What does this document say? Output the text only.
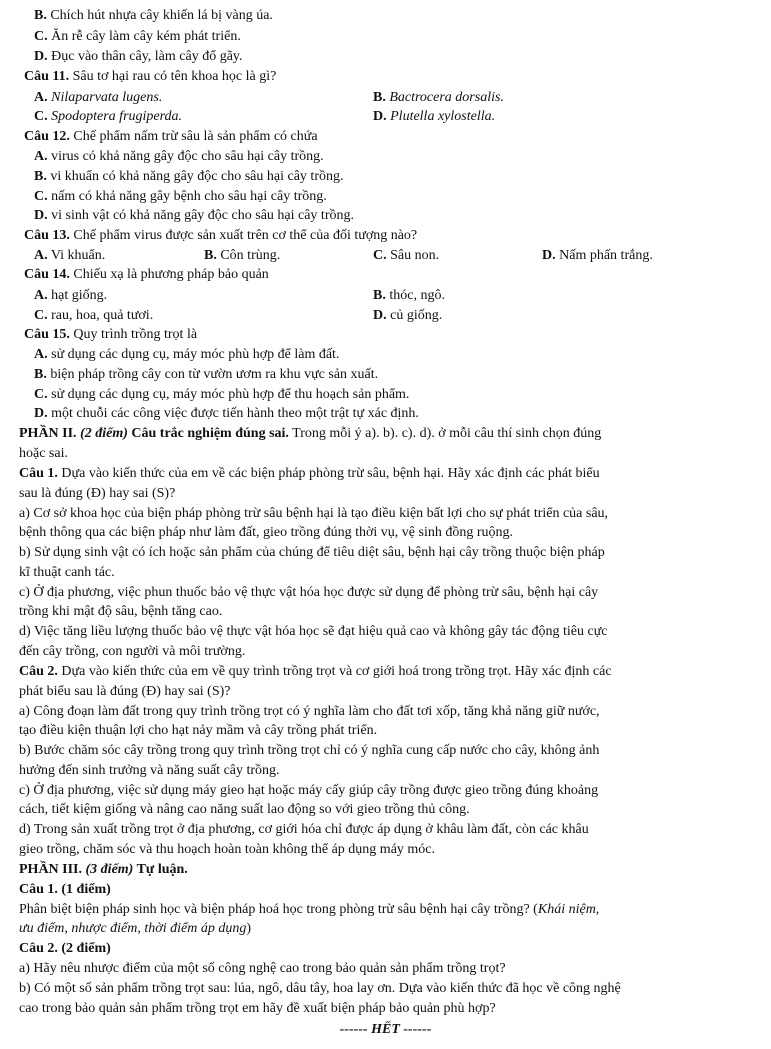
B. Chích hút nhựa cây khiến lá bị vàng úa.
C. Ăn rễ cây làm cây kém phát triển.
D. Đục vào thân cây, làm cây đổ gãy.
Câu 11. Sâu tơ hại rau có tên khoa học là gì?
A. Nilaparvata lugens.	B. Bactrocera dorsalis.
C. Spodoptera frugiperda.	D. Plutella xylostella.
Câu 12. Chế phẩm nấm trừ sâu là sản phẩm có chứa
A. virus có khả năng gây độc cho sâu hại cây trồng.
B. vi khuẩn có khả năng gây độc cho sâu hại cây trồng.
C. nấm có khả năng gây bệnh cho sâu hại cây trồng.
D. vi sinh vật có khả năng gây độc cho sâu hại cây trồng.
Câu 13. Chế phẩm virus được sản xuất trên cơ thể của đối tượng nào?
A. Vi khuẩn.	B. Côn trùng.	C. Sâu non.	D. Nấm phấn trắng.
Câu 14. Chiếu xạ là phương pháp bảo quản
A. hạt giống.	B. thóc, ngô.
C. rau, hoa, quả tươi.	D. củ giống.
Câu 15. Quy trình trồng trọt là
A. sử dụng các dụng cụ, máy móc phù hợp để làm đất.
B. biện pháp trồng cây con từ vườn ươm ra khu vực sản xuất.
C. sử dụng các dụng cụ, máy móc phù hợp để thu hoạch sản phẩm.
D. một chuỗi các công việc được tiến hành theo một trật tự xác định.
PHẦN II. (2 điểm) Câu trắc nghiệm đúng sai. Trong mỗi ý a). b). c). d). ở mỗi câu thí sinh chọn đúng
hoặc sai.
Câu 1. Dựa vào kiến thức của em về các biện pháp phòng trừ sâu, bệnh hại. Hãy xác định các phát biểu
sau là đúng (Đ) hay sai (S)?
a) Cơ sở khoa học của biện pháp phòng trừ sâu bệnh hại là tạo điều kiện bất lợi cho sự phát triển của sâu,
bệnh thông qua các biện pháp như làm đất, gieo trồng đúng thời vụ, vệ sinh đồng ruộng.
b) Sử dụng sinh vật có ích hoặc sản phẩm của chúng để tiêu diệt sâu, bệnh hại cây trồng thuộc biện pháp
kĩ thuật canh tác.
c) Ở địa phương, việc phun thuốc bảo vệ thực vật hóa học được sử dụng để phòng trừ sâu, bệnh hại cây
trồng khi mật độ sâu, bệnh tăng cao.
d) Việc tăng liều lượng thuốc bảo vệ thực vật hóa học sẽ đạt hiệu quả cao và không gây tác động tiêu cực
đến cây trồng, con người và môi trường.
Câu 2. Dựa vào kiến thức của em về quy trình trồng trọt và cơ giới hoá trong trồng trọt. Hãy xác định các
phát biểu sau là đúng (Đ) hay sai (S)?
a) Công đoạn làm đất trong quy trình trồng trọt có ý nghĩa làm cho đất tơi xốp, tăng khả năng giữ nước,
tạo điều kiện thuận lợi cho hạt nảy mầm và cây trồng phát triển.
b) Bước chăm sóc cây trồng trong quy trình trồng trọt chỉ có ý nghĩa cung cấp nước cho cây, không ảnh
hưởng đến sinh trưởng và năng suất cây trồng.
c) Ở địa phương, việc sử dụng máy gieo hạt hoặc máy cấy giúp cây trồng được gieo trồng đúng khoảng
cách, tiết kiệm giống và nâng cao năng suất lao động so với gieo trồng thủ công.
d) Trong sản xuất trồng trọt ở địa phương, cơ giới hóa chỉ được áp dụng ở khâu làm đất, còn các khâu
gieo trồng, chăm sóc và thu hoạch hoàn toàn không thể áp dụng máy móc.
PHẦN III. (3 điểm) Tự luận.
Câu 1. (1 điểm)
Phân biệt biện pháp sinh học và biện pháp hoá học trong phòng trừ sâu bệnh hại cây trồng? (Khái niệm,
ưu điểm, nhược điểm, thời điểm áp dụng)
Câu 2. (2 điểm)
a) Hãy nêu nhược điểm của một số công nghệ cao trong bảo quản sản phẩm trồng trọt?
b) Có một số sản phẩm trồng trọt sau: lúa, ngô, dâu tây, hoa lay ơn. Dựa vào kiến thức đã học về công nghệ
cao trong bảo quản sản phẩm trồng trọt em hãy đề xuất biện pháp bảo quản phù hợp?
------ HẾT ------
